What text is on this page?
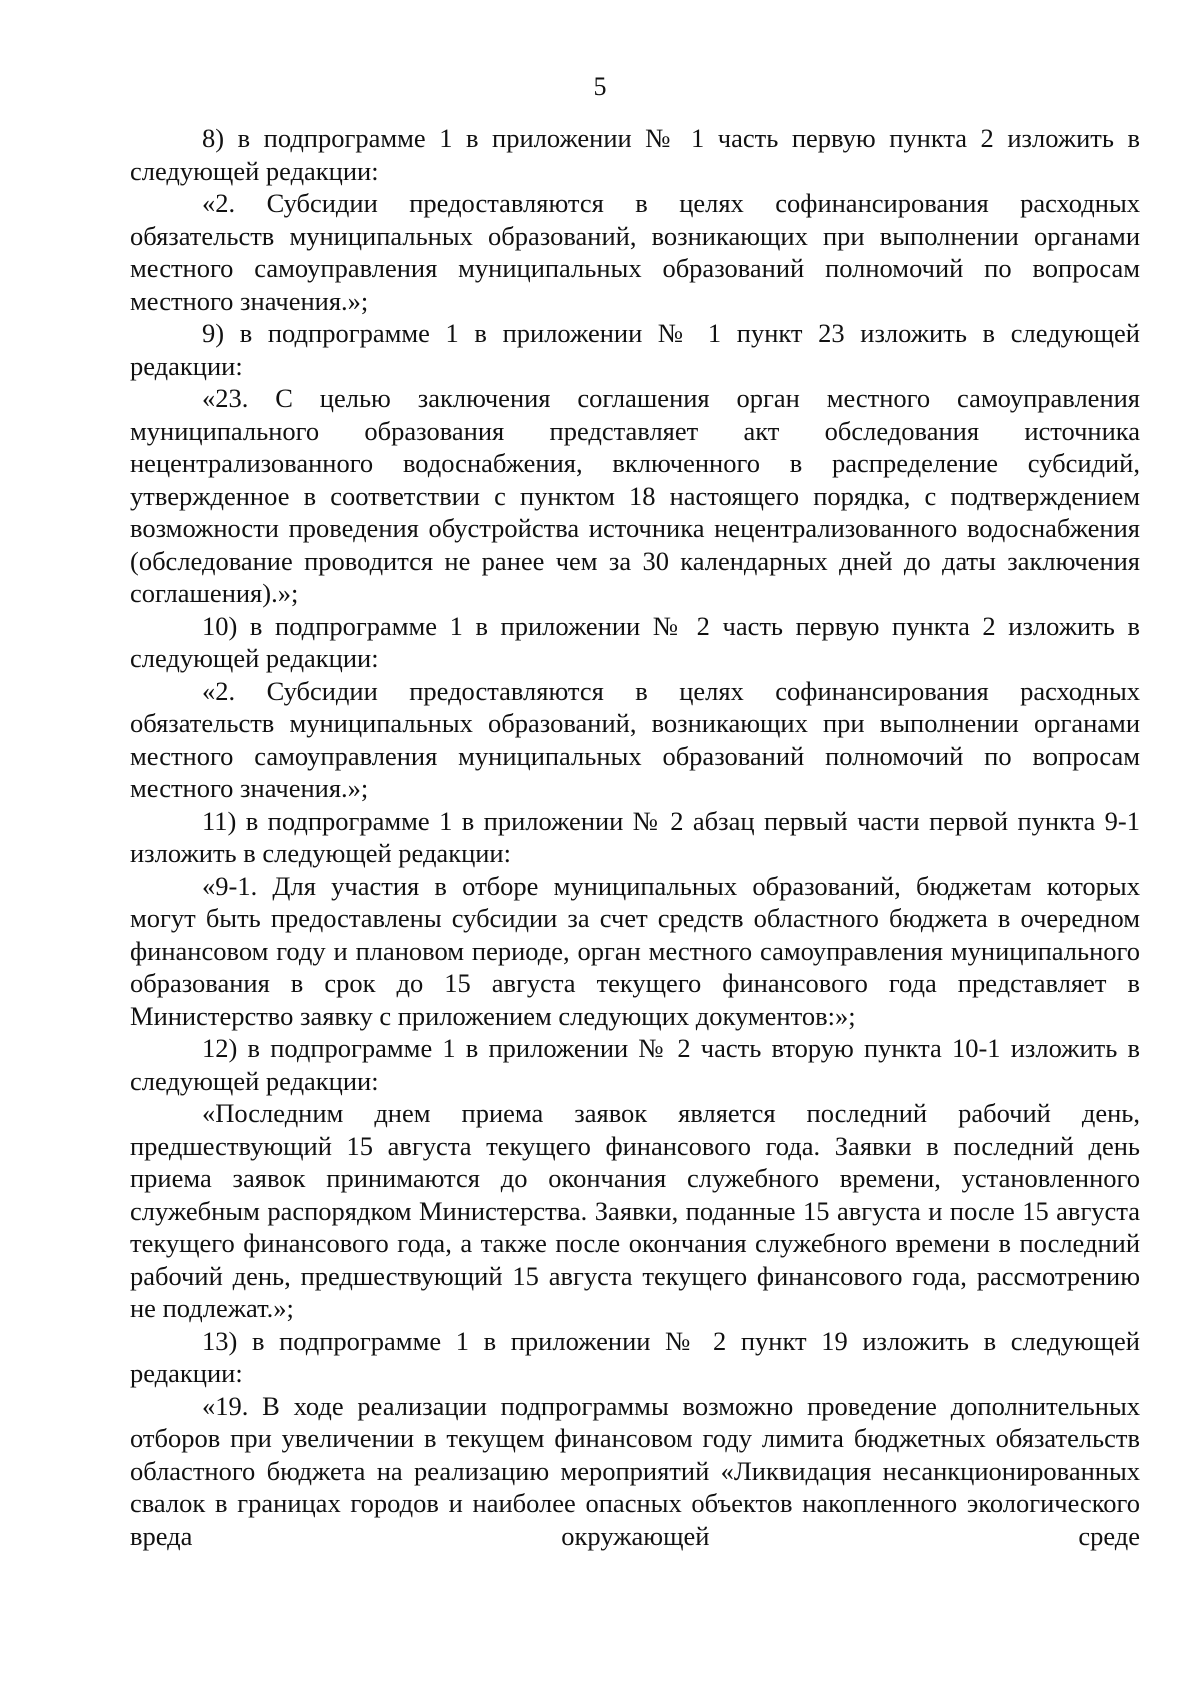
5

8) в подпрограмме 1 в приложении № 1 часть первую пункта 2 изложить в следующей редакции:

«2. Субсидии предоставляются в целях софинансирования расходных обязательств муниципальных образований, возникающих при выполнении органами местного самоуправления муниципальных образований полномочий по вопросам местного значения.»;

9) в подпрограмме 1 в приложении № 1 пункт 23 изложить в следующей редакции:

«23. С целью заключения соглашения орган местного самоуправления муниципального образования представляет акт обследования источника нецентрализованного водоснабжения, включенного в распределение субсидий, утвержденное в соответствии с пунктом 18 настоящего порядка, с подтверждением возможности проведения обустройства источника нецентрализованного водоснабжения (обследование проводится не ранее чем за 30 календарных дней до даты заключения соглашения).»;

10) в подпрограмме 1 в приложении № 2 часть первую пункта 2 изложить в следующей редакции:

«2. Субсидии предоставляются в целях софинансирования расходных обязательств муниципальных образований, возникающих при выполнении органами местного самоуправления муниципальных образований полномочий по вопросам местного значения.»;

11) в подпрограмме 1 в приложении № 2 абзац первый части первой пункта 9-1 изложить в следующей редакции:

«9-1. Для участия в отборе муниципальных образований, бюджетам которых могут быть предоставлены субсидии за счет средств областного бюджета в очередном финансовом году и плановом периоде, орган местного самоуправления муниципального образования в срок до 15 августа текущего финансового года представляет в Министерство заявку с приложением следующих документов:»;

12) в подпрограмме 1 в приложении № 2 часть вторую пункта 10-1 изложить в следующей редакции:

«Последним днем приема заявок является последний рабочий день, предшествующий 15 августа текущего финансового года. Заявки в последний день приема заявок принимаются до окончания служебного времени, установленного служебным распорядком Министерства. Заявки, поданные 15 августа и после 15 августа текущего финансового года, а также после окончания служебного времени в последний рабочий день, предшествующий 15 августа текущего финансового года, рассмотрению не подлежат.»;

13) в подпрограмме 1 в приложении № 2 пункт 19 изложить в следующей редакции:

«19. В ходе реализации подпрограммы возможно проведение дополнительных отборов при увеличении в текущем финансовом году лимита бюджетных обязательств областного бюджета на реализацию мероприятий «Ликвидация несанкционированных свалок в границах городов и наиболее опасных объектов накопленного экологического вреда окружающей среде
